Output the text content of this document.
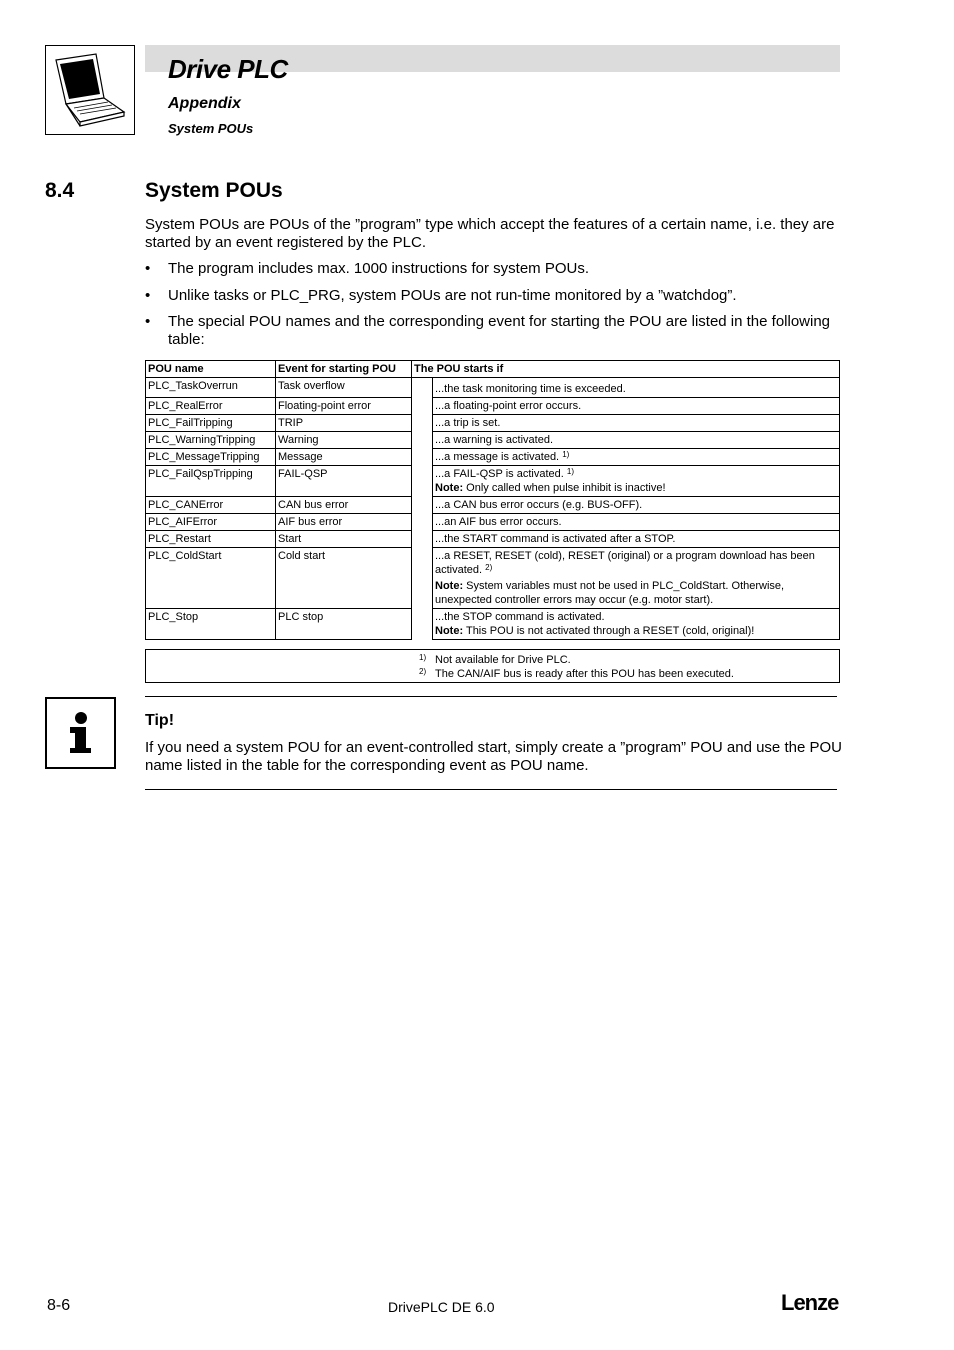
Drive PLC
Appendix
System POUs
8.4	System POUs
System POUs are POUs of the ”program” type which accept the features of a certain name, i.e. they are started by an event registered by the PLC.
• The program includes max. 1000 instructions for system POUs.
• Unlike tasks or PLC_PRG, system POUs are not run-time monitored by a ”watchdog”.
• The special POU names and the corresponding event for starting the POU are listed in the following table:
POU name	Event for starting POU	The POU starts if	
PLC_TaskOverrun	Task overflow		...the task monitoring time is exceeded.
PLC_RealError	Floating-point error		...a floating-point error occurs.
PLC_FailTripping	TRIP		...a trip is set.
PLC_WarningTripping	Warning		...a warning is activated.
PLC_MessageTripping	Message		...a message is activated. $^{1)}$
PLC_FailQspTripping	FAIL-QSP		...a FAIL-QSP is activated. $^{1)}$
Note: Only called when pulse inhibit is inactive!

PLC_CANError	CAN bus error		...a CAN bus error occurs (e.g. BUS-OFF).
PLC_AIFError	AIF bus error		...an AIF bus error occurs.
PLC_Restart	Start		...the START command is activated after a STOP.
PLC_ColdStart	Cold start		...a RESET, RESET (cold), RESET (original) or a program download has been activated. $^{2)}$
Note: System variables must not be used in PLC_ColdStart. Otherwise, unexpected controller errors may occur (e.g. motor start).

PLC_Stop	PLC stop		...the STOP command is activated.
Note: This POU is not activated through a RESET (cold, original)!
1) Not available for Drive PLC.
2) The CAN/AIF bus is ready after this POU has been executed.
Tip!
If you need a system POU for an event-controlled start, simply create a ”program” POU and use the POU name listed in the table for the corresponding event as POU name.
8-6	DrivePLC DE 6.0	Lenze
